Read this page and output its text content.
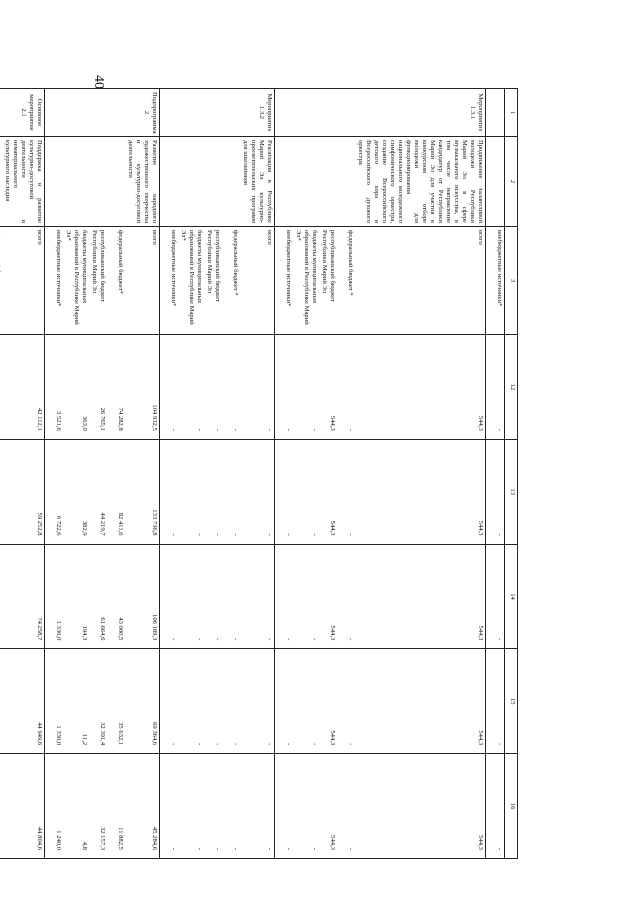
40
1	2	3	12	13	14	15	16
		внебюджетные источники*	-	-	-	-	-
Мероприятие 1.3.1	Продвижение талантливой молодежи Республики Марий Эл в сфере музыкального искусства, в том числе направление кандидатур от Республики Марий Эл для участия в конкурсном отборе молодежи для функционирования национального молодежного симфонического оркестра, создание Всероссийского детского хора и Всероссийского духового оркестра	всего	544,3	544,3	544,3	544,3	544,3
		федеральный бюджет *	-	-	-	-	-
		республиканский бюджет Республики Марий Эл	544,3	544,3	544,3	544,3	544,3
		бюджеты муниципальных образований в Республике Марий Эл*	-	-	-	-	-
		внебюджетные источники*	-	-	-	-	-
Мероприятие 1.3.2	Реализация в Республике Марий Эл культурно-просветительских программ для школьников	всего	-	-	-	-	-
		федеральный бюджет *	-	-	-	-	-
		республиканский бюджет Республики Марий Эл	-	-	-	-	-
		бюджеты муниципальных образований в Республике Марий Эл*	-	-	-	-	-
		внебюджетные источники*	-	-	-	-	-
Подпрограмма 2	Развитие народного художественного творчества и культурно-досуговой деятельности	всего	104 932,5	133 736,8	106 189,3	69 364,6	45 284,6
		федеральный бюджет*	74 282,8	82 411,6	43 000,5	35 632,1	11 882,5
		республиканский бюджет Республики Марий Эл	26 765,1	44 219,7	61 664,6	32 391,4	32 157,3
		бюджеты муниципальных образований в Республике Марий Эл*	363,0	382,9	194,3	11,2	4,8
		внебюджетные источники*	3 521,6	6 722,6	1 330,0	1 330,0	1 240,0
Основное мероприятие 2.1	Поддержка и развитие культурно-досуговой деятельности и нематериального культурного наследия	всего	42 112,1	59 252,8	74 258,7	44 949,6	44 804,6
